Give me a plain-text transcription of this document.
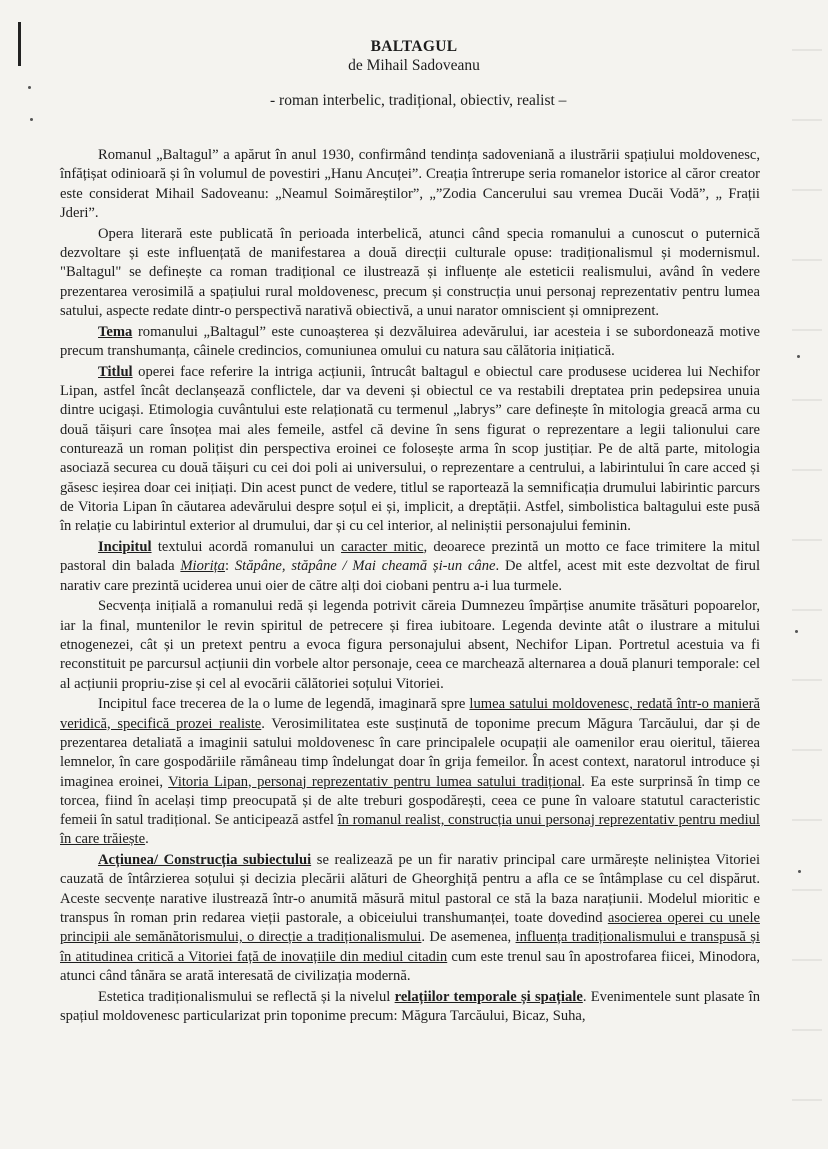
BALTAGUL
de Mihail Sadoveanu
- roman interbelic, tradițional, obiectiv, realist –

Romanul „Baltagul” a apărut în anul 1930, confirmând tendința sadoveniană a ilustrării spațiului moldovenesc, înfățișat odinioară și în volumul de povestiri „Hanu Ancuței”. Creația întrerupe seria romanelor istorice al căror creator este considerat Mihail Sadoveanu: „Neamul Soimăreștilor”, „”Zodia Cancerului sau vremea Ducăi Vodă”, „ Frații Jderi”.

Opera literară este publicată în perioada interbelică, atunci când specia romanului a cunoscut o puternică dezvoltare și este influențată de manifestarea a două direcții culturale opuse: tradiționalismul și modernismul. "Baltagul" se definește ca roman tradițional ce ilustrează și influențe ale esteticii realismului, având în vedere prezentarea verosimilă a spațiului rural moldovenesc, precum și construcția unui personaj reprezentativ pentru lumea satului, aspecte redate dintr-o perspectivă narativă obiectivă, a unui narator omniscient și omniprezent.

Tema romanului „Baltagul” este cunoașterea și dezvăluirea adevărului, iar acesteia i se subordonează motive precum transhumanța, câinele credincios, comuniunea omului cu natura sau călătoria inițiatică.

Titlul operei face referire la intriga acțiunii, întrucât baltagul e obiectul care produsese uciderea lui Nechifor Lipan, astfel încât declanșează conflictele, dar va deveni și obiectul ce va restabili dreptatea prin pedepsirea unuia dintre ucigași. Etimologia cuvântului este relaționată cu termenul „labrys” care definește în mitologia greacă arma cu două tăișuri care însoțea mai ales femeile, astfel că devine în sens figurat o reprezentare a legii talionului care conturează un roman polițist din perspectiva eroinei ce folosește arma în scop justițiar. Pe de altă parte, mitologia asociază securea cu două tăișuri cu cei doi poli ai universului, o reprezentare a centrului, a labirintului în care acced și găsesc ieșirea doar cei inițiați. Din acest punct de vedere, titlul se raportează la semnificația drumului labirintic parcurs de Vitoria Lipan în căutarea adevărului despre soțul ei și, implicit, a dreptății. Astfel, simbolistica baltagului este pusă în relație cu labirintul exterior al drumului, dar și cu cel interior, al neliniștii personajului feminin.

Incipitul textului acordă romanului un caracter mitic, deoarece prezintă un motto ce face trimitere la mitul pastoral din balada Miorița: Stăpâne, stăpâne / Mai cheamă și-un câne. De altfel, acest mit este dezvoltat de firul narativ care prezintă uciderea unui oier de către alți doi ciobani pentru a-i lua turmele.

Secvența inițială a romanului redă și legenda potrivit căreia Dumnezeu împărțise anumite trăsături popoarelor, iar la final, muntenilor le revin spiritul de petrecere și firea iubitoare. Legenda devinte atât o ilustrare a mitului etnogenezei, cât și un pretext pentru a evoca figura personajului absent, Nechifor Lipan. Portretul acestuia va fi reconstituit pe parcursul acțiunii din vorbele altor personaje, ceea ce marchează alternarea a două planuri temporale: cel al acțiunii propriu-zise și cel al evocării călătoriei soțului Vitoriei.

Incipitul face trecerea de la o lume de legendă, imaginară spre lumea satului moldovenesc, redată într-o manieră veridică, specifică prozei realiste. Verosimilitatea este susținută de toponime precum Măgura Tarcăului, dar și de prezentarea detaliată a imaginii satului moldovenesc în care principalele ocupații ale oamenilor erau oieritul, tăierea lemnelor, în care gospodăriile rămâneau timp îndelungat doar în grija femeilor. În acest context, naratorul introduce și imaginea eroinei, Vitoria Lipan, personaj reprezentativ pentru lumea satului tradițional. Ea este surprinsă în timp ce torcea, fiind în același timp preocupată și de alte treburi gospodărești, ceea ce pune în valoare statutul caracteristic femeii în satul tradițional. Se anticipează astfel în romanul realist, construcția unui personaj reprezentativ pentru mediul în care trăiește.

Acțiunea/ Construcția subiectului se realizează pe un fir narativ principal care urmărește neliniștea Vitoriei cauzată de întârzierea soțului și decizia plecării alături de Gheorghiță pentru a afla ce se întâmplase cu cel dispărut. Aceste secvențe narative ilustrează într-o anumită măsură mitul pastoral ce stă la baza narațiunii. Modelul mioritic e transpus în roman prin redarea vieții pastorale, a obiceiului transhumanței, toate dovedind asocierea operei cu unele principii ale semănătorismului, o direcție a tradiționalismului. De asemenea, influența tradiționalismului e transpusă și în atitudinea critică a Vitoriei față de inovațiile din mediul citadin cum este trenul sau în apostrofarea fiicei, Minodora, atunci când tânăra se arată interesată de civilizația modernă.

Estetica tradiționalismului se reflectă și la nivelul relațiilor temporale și spațiale. Evenimentele sunt plasate în spațiul moldovenesc particularizat prin toponime precum: Măgura Tarcăului, Bicaz, Suha,
